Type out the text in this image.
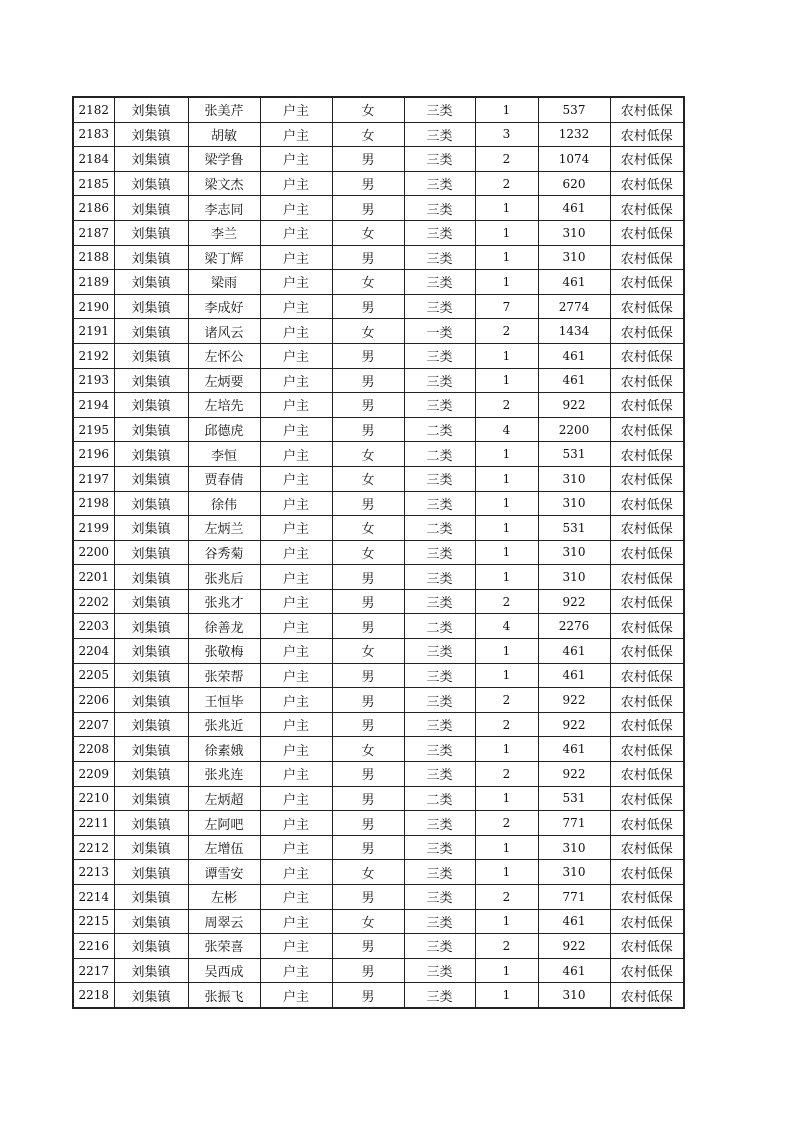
2182	刘集镇	张美芹	户主	女	三类	1	537	农村低保
2183	刘集镇	胡敏	户主	女	三类	3	1232	农村低保
2184	刘集镇	梁学鲁	户主	男	三类	2	1074	农村低保
2185	刘集镇	梁文杰	户主	男	三类	2	620	农村低保
2186	刘集镇	李志同	户主	男	三类	1	461	农村低保
2187	刘集镇	李兰	户主	女	三类	1	310	农村低保
2188	刘集镇	梁丁辉	户主	男	三类	1	310	农村低保
2189	刘集镇	梁雨	户主	女	三类	1	461	农村低保
2190	刘集镇	李成好	户主	男	三类	7	2774	农村低保
2191	刘集镇	诸风云	户主	女	一类	2	1434	农村低保
2192	刘集镇	左怀公	户主	男	三类	1	461	农村低保
2193	刘集镇	左炳要	户主	男	三类	1	461	农村低保
2194	刘集镇	左培先	户主	男	三类	2	922	农村低保
2195	刘集镇	邱德虎	户主	男	二类	4	2200	农村低保
2196	刘集镇	李恒	户主	女	二类	1	531	农村低保
2197	刘集镇	贾春倩	户主	女	三类	1	310	农村低保
2198	刘集镇	徐伟	户主	男	三类	1	310	农村低保
2199	刘集镇	左炳兰	户主	女	二类	1	531	农村低保
2200	刘集镇	谷秀菊	户主	女	三类	1	310	农村低保
2201	刘集镇	张兆后	户主	男	三类	1	310	农村低保
2202	刘集镇	张兆才	户主	男	三类	2	922	农村低保
2203	刘集镇	徐善龙	户主	男	二类	4	2276	农村低保
2204	刘集镇	张敬梅	户主	女	三类	1	461	农村低保
2205	刘集镇	张荣帮	户主	男	三类	1	461	农村低保
2206	刘集镇	王恒毕	户主	男	三类	2	922	农村低保
2207	刘集镇	张兆近	户主	男	三类	2	922	农村低保
2208	刘集镇	徐素娥	户主	女	三类	1	461	农村低保
2209	刘集镇	张兆连	户主	男	三类	2	922	农村低保
2210	刘集镇	左炳超	户主	男	二类	1	531	农村低保
2211	刘集镇	左阿吧	户主	男	三类	2	771	农村低保
2212	刘集镇	左增伍	户主	男	三类	1	310	农村低保
2213	刘集镇	谭雪安	户主	女	三类	1	310	农村低保
2214	刘集镇	左彬	户主	男	三类	2	771	农村低保
2215	刘集镇	周翠云	户主	女	三类	1	461	农村低保
2216	刘集镇	张荣喜	户主	男	三类	2	922	农村低保
2217	刘集镇	吴西成	户主	男	三类	1	461	农村低保
2218	刘集镇	张振飞	户主	男	三类	1	310	农村低保
